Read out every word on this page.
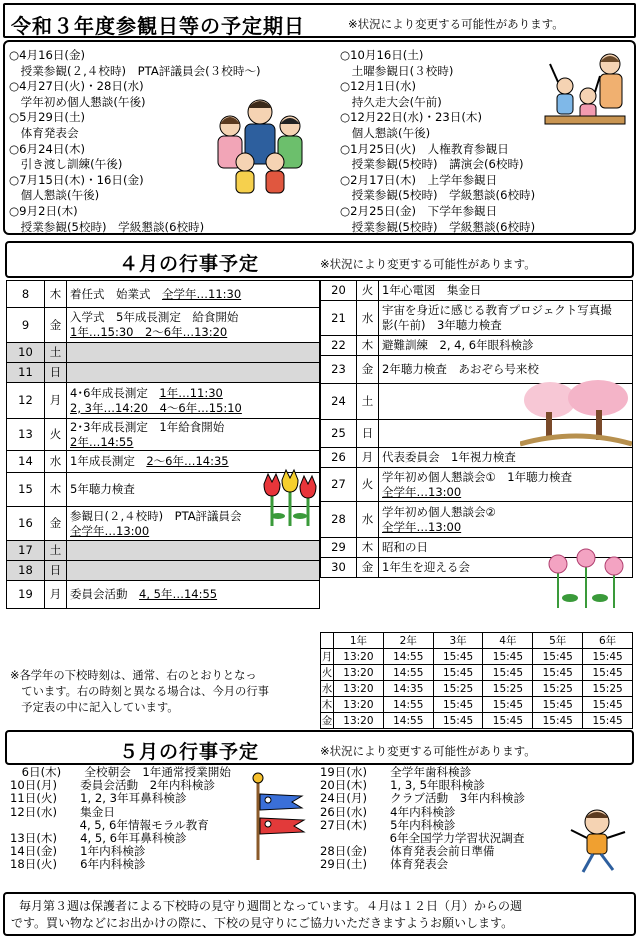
令和３年度参観日等の予定期日	※状況により変更する可能性があります。
○4月16日(金)
　授業参観(２,４校時)　PTA評議員会(３校時～)
○4月27日(火)・28日(水)
　学年初め個人懇談(午後)
○5月29日(土)
　体育発表会
○6月24日(木)
　引き渡し訓練(午後)
○7月15日(木)・16日(金)
　個人懇談(午後)
○9月2日(木)
　授業参観(5校時)　学級懇談(6校時)
○10月16日(土)
　土曜参観日(３校時)
○12月1日(水)
　持久走大会(午前)
○12月22日(水)・23日(木)
　個人懇談(午後)
○1月25日(火)　人権教育参観日
　授業参観(5校時)　講演会(6校時)
○2月17日(木)　上学年参観日
　授業参観(5校時)　学級懇談(6校時)
○2月25日(金)　下学年参観日
　授業参観(5校時)　学級懇談(6校時)
４月の行事予定	※状況により変更する可能性があります。
8	木	着任式　始業式　全学年…11:30

9	金	入学式　5年成長測定　給食開始
1年…15:30　2～6年…13:20

10	土	
11	日	
12	月	4･6年成長測定　1年…11:30
2, 3年…14:20　4～6年…15:10

13	火	2･3年成長測定　1年給食開始
2年…14:55

14	水	1年成長測定　2～6年…14:35

15	木	5年聴力検査

16	金	参観日(２,４校時)　PTA評議員会
全学年…13:00

17	土	
18	日	
19	月	委員会活動　4, 5年…14:55
20	火	1年心電図　集金日

21	水	宇宙を身近に感じる教育プロジェクト写真撮
影(午前)　3年聴力検査

22	木	避難訓練　2, 4, 6年眼科検診

23	金	2年聴力検査　あおぞら号来校

24	土	
25	日	
26	月	代表委員会　1年視力検査

27	火	学年初め個人懇談会①　1年聴力検査
全学年…13:00

28	水	学年初め個人懇談会②
全学年…13:00

29	木	昭和の日

30	金	1年生を迎える会
※各学年の下校時刻は、通常、右のとおりとなっ
　ています。右の時刻と異なる場合は、今月の行事
　予定表の中に記入しています。
	1年	2年	3年	4年	5年	6年
月	13:20	14:55	15:45	15:45	15:45	15:45
火	13:20	14:55	15:45	15:45	15:45	15:45
水	13:20	14:35	15:25	15:25	15:25	15:25
木	13:20	14:55	15:45	15:45	15:45	15:45
金	13:20	14:55	15:45	15:45	15:45	15:45
５月の行事予定	※状況により変更する可能性があります。
　6日(木)　　全校朝会　1年通常授業開始
10日(月)　　委員会活動　2年内科検診
11日(火)　　1, 2, 3年耳鼻科検診
12日(水)　　集金日
　　　　　　4, 5, 6年情報モラル教育
13日(木)　　4, 5, 6年耳鼻科検診
14日(金)　　1年内科検診
18日(火)　　6年内科検診
19日(水)　　全学年歯科検診
20日(木)　　1, 3, 5年眼科検診
24日(月)　　クラブ活動　3年内科検診
26日(水)　　4年内科検診
27日(木)　　5年内科検診
　　　　　　6年全国学力学習状況調査
28日(金)　　体育発表会前日準備
29日(土)　　体育発表会
毎月第３週は保護者による下校時の見守り週間となっています。４月は１２日（月）からの週
です。買い物などにお出かけの際に、下校の見守りにご協力いただきますようお願いします。
